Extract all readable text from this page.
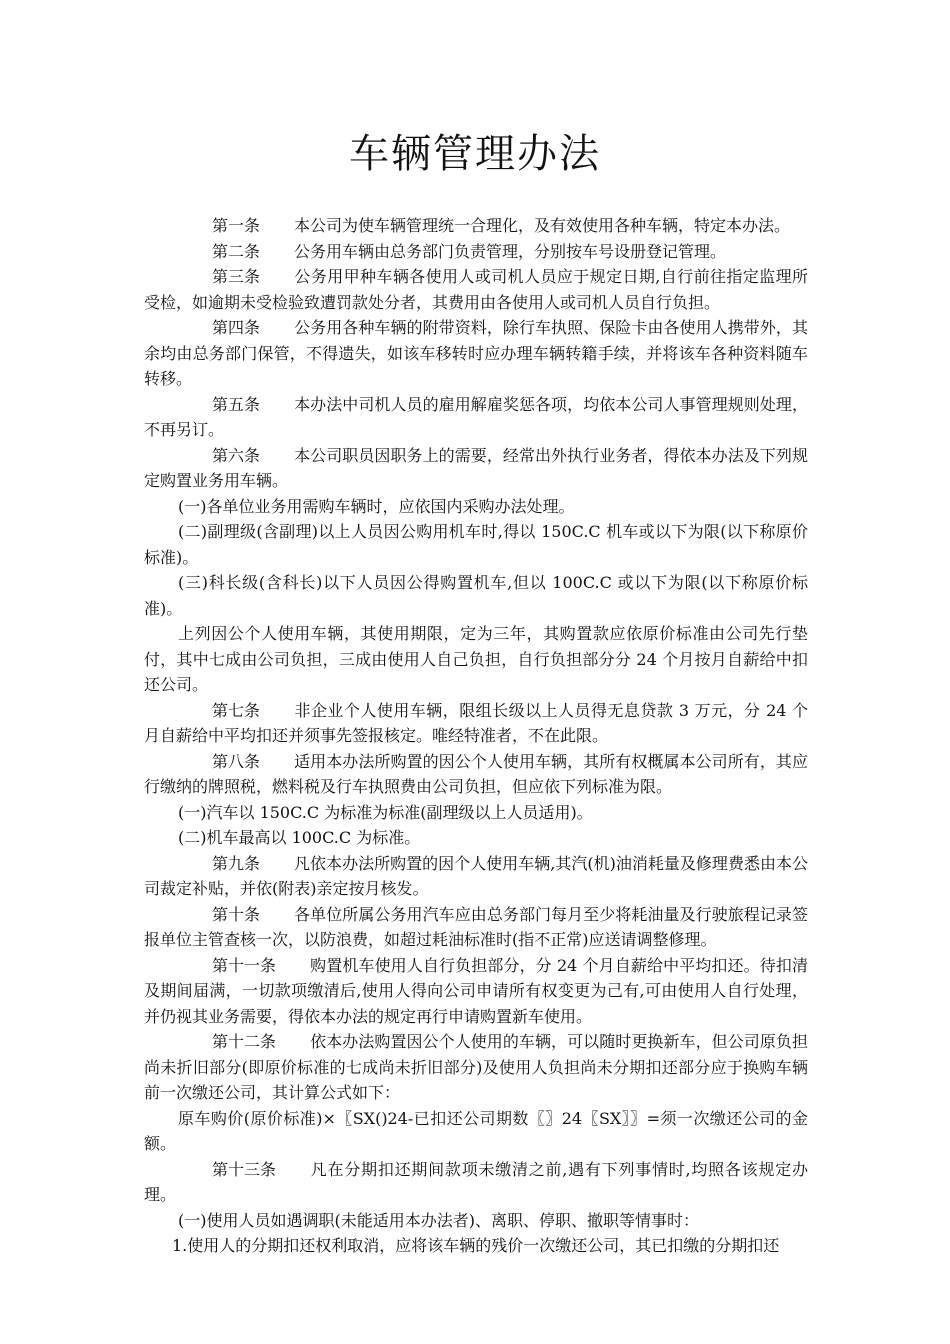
车辆管理办法

第一条 本公司为使车辆管理统一合理化，及有效使用各种车辆，特定本办法。

第二条 公务用车辆由总务部门负责管理，分别按车号设册登记管理。

第三条 公务用甲种车辆各使用人或司机人员应于规定日期,自行前往指定监理所受检，如逾期未受检验致遭罚款处分者，其费用由各使用人或司机人员自行负担。

第四条 公务用各种车辆的附带资料，除行车执照、保险卡由各使用人携带外，其余均由总务部门保管，不得遗失，如该车移转时应办理车辆转籍手续，并将该车各种资料随车转移。

第五条 本办法中司机人员的雇用解雇奖惩各项，均依本公司人事管理规则处理，不再另订。

第六条 本公司职员因职务上的需要，经常出外执行业务者，得依本办法及下列规定购置业务用车辆。

(一)各单位业务用需购车辆时，应依国内采购办法处理。

(二)副理级(含副理)以上人员因公购用机车时,得以 150C.C 机车或以下为限(以下称原价标准)。

(三)科长级(含科长)以下人员因公得购置机车,但以 100C.C 或以下为限(以下称原价标准)。

上列因公个人使用车辆，其使用期限，定为三年，其购置款应依原价标准由公司先行垫付，其中七成由公司负担，三成由使用人自己负担，自行负担部分分 24 个月按月自薪给中扣还公司。

第七条 非企业个人使用车辆，限组长级以上人员得无息贷款 3 万元，分 24 个月自薪给中平均扣还并须事先签报核定。唯经特准者，不在此限。

第八条 适用本办法所购置的因公个人使用车辆，其所有权概属本公司所有，其应行缴纳的牌照税，燃料税及行车执照费由公司负担，但应依下列标准为限。

(一)汽车以 150C.C 为标准为标准(副理级以上人员适用)。

(二)机车最高以 100C.C 为标准。

第九条 凡依本办法所购置的因个人使用车辆,其汽(机)油消耗量及修理费悉由本公司裁定补贴，并依(附表)亲定按月核发。

第十条 各单位所属公务用汽车应由总务部门每月至少将耗油量及行驶旅程记录签报单位主管查核一次，以防浪费，如超过耗油标准时(指不正常)应送请调整修理。

第十一条 购置机车使用人自行负担部分，分 24 个月自薪给中平均扣还。待扣清及期间届满，一切款项缴清后,使用人得向公司申请所有权变更为己有,可由使用人自行处理，并仍视其业务需要，得依本办法的规定再行申请购置新车使用。

第十二条 依本办法购置因公个人使用的车辆，可以随时更换新车，但公司原负担尚未折旧部分(即原价标准的七成尚未折旧部分)及使用人负担尚未分期扣还部分应于换购车辆前一次缴还公司，其计算公式如下：

原车购价(原价标准)×〖SX()24-已扣还公司期数〖〗24〖SX〗〗=须一次缴还公司的金额。

第十三条 凡在分期扣还期间款项未缴清之前,遇有下列事情时,均照各该规定办理。

(一)使用人员如遇调职(未能适用本办法者)、离职、停职、撤职等情事时：

1.使用人的分期扣还权利取消，应将该车辆的残价一次缴还公司，其已扣缴的分期扣还
